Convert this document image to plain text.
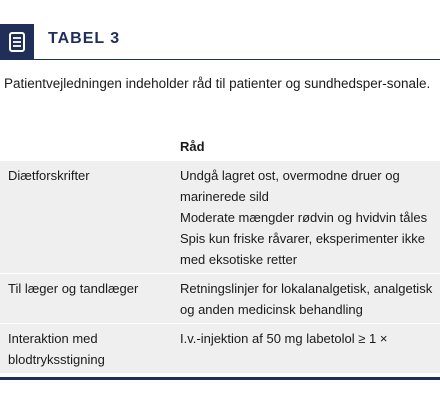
TABEL 3
Patientvejledningen indeholder råd til patienter og sundhedsper-sonale.
	Råd
Diætforskrifter	Undgå lagret ost, overmodne druer og marinerede sild
Moderate mængder rødvin og hvidvin tåles
Spis kun friske råvarer, eksperimenter ikke med eksotiske retter

Til læger og tandlæger	Retningslinjer for lokalanalgetisk, analgetisk og anden medicinsk behandling

Interaktion med blodtryksstigning	I.v.-injektion af 50 mg labetolol ≥ 1 ×
